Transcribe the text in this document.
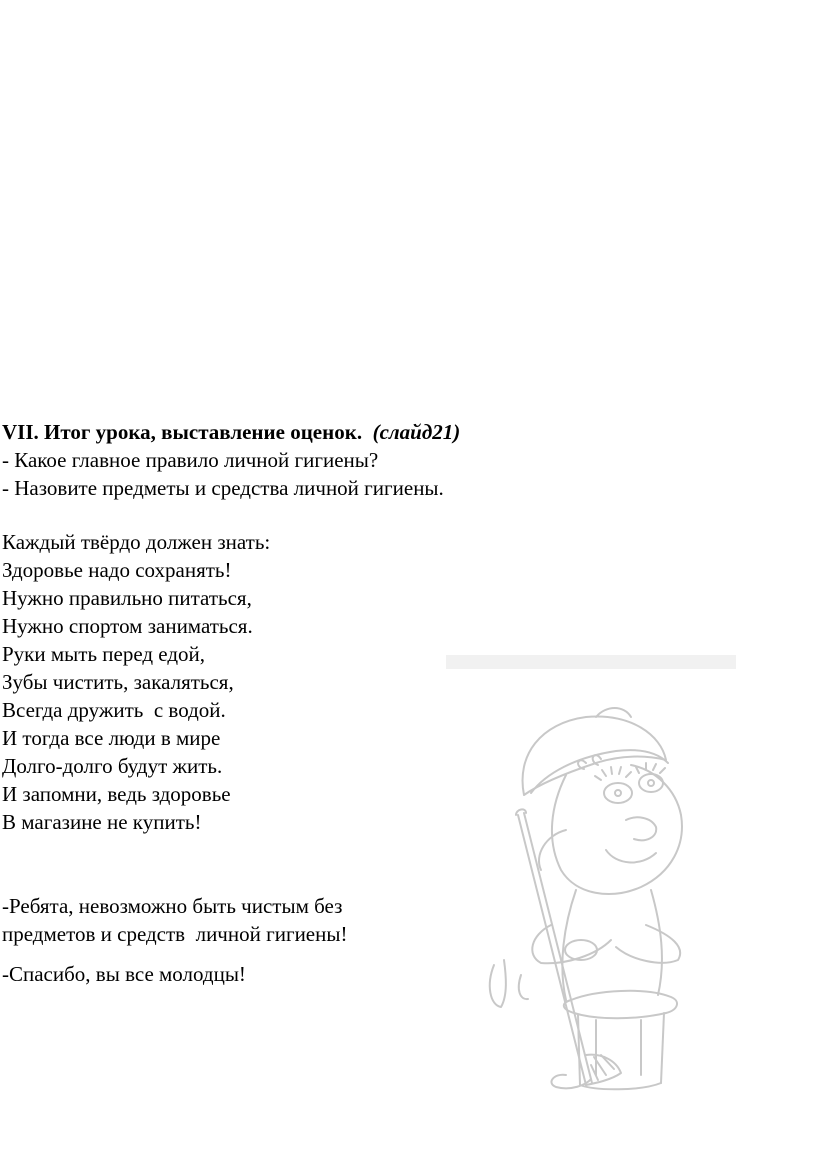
VII. Итог урока, выставление оценок. (слайд21)
- Какое главное правило личной гигиены?
- Назовите предметы и средства личной гигиены.
Каждый твёрдо должен знать:
Здоровье надо сохранять!
Нужно правильно питаться,
Нужно спортом заниматься.
Руки мыть перед едой,
Зубы чистить, закаляться,
Всегда дружить  с водой.
И тогда все люди в мире
Долго-долго будут жить.
И запомни, ведь здоровье
В магазине не купить!
-Ребята, невозможно быть чистым без
предметов и средств  личной гигиены!
-Спасибо, вы все молодцы!
